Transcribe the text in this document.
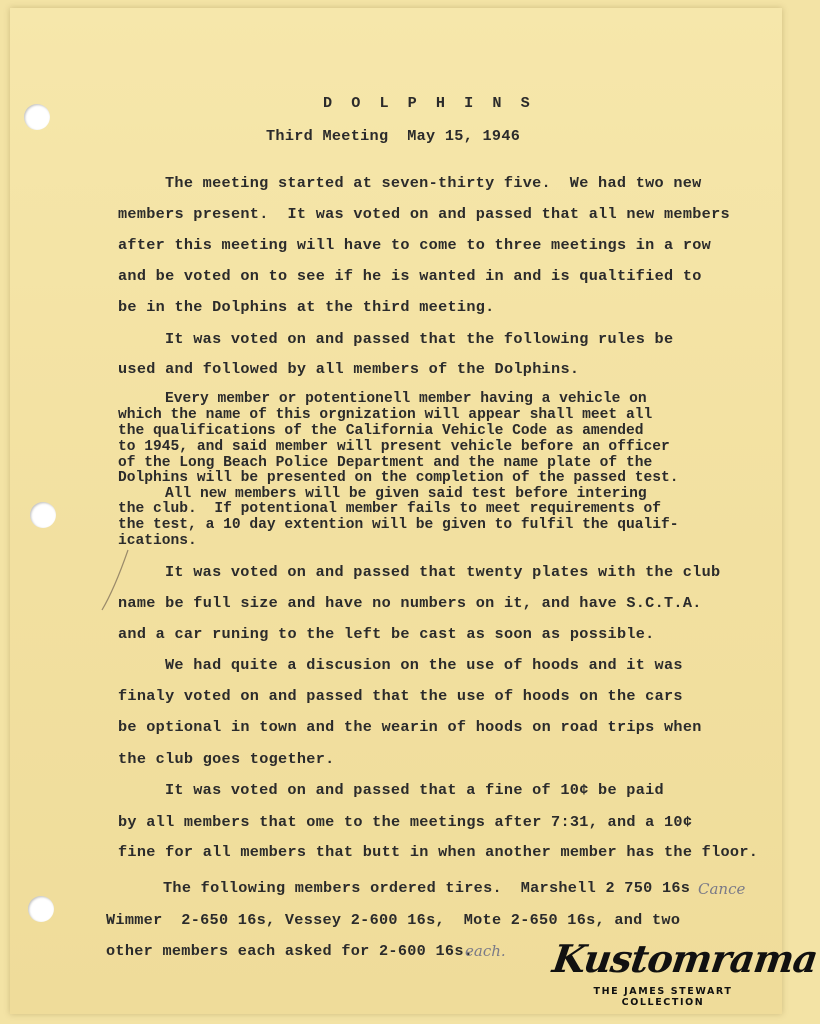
D O L P H I N S
Third Meeting  May 15, 1946
The meeting started at seven-thirty five.  We had two new
members present.  It was voted on and passed that all new members
after this meeting will have to come to three meetings in a row
and be voted on to see if he is wanted in and is qualtified to
be in the Dolphins at the third meeting.
It was voted on and passed that the following rules be
used and followed by all members of the Dolphins.
Every member or potentionell member having a vehicle on
which the name of this orgnization will appear shall meet all
the qualifications of the California Vehicle Code as amended
to 1945, and said member will present vehicle before an officer
of the Long Beach Police Department and the name plate of the
Dolphins will be presented on the completion of the passed test.
All new members will be given said test before intering
the club.  If potentional member fails to meet requirements of
the test, a 10 day extention will be given to fulfil the qualif-
ications.
It was voted on and passed that twenty plates with the club
name be full size and have no numbers on it, and have S.C.T.A.
and a car runing to the left be cast as soon as possible.
We had quite a discusion on the use of hoods and it was
finaly voted on and passed that the use of hoods on the cars
be optional in town and the wearin of hoods on road trips when
the club goes together.
It was voted on and passed that a fine of 10¢ be paid
by all members that ome to the meetings after 7:31, and a 10¢
fine for all members that butt in when another member has the floor.
The following members ordered tires.  Marshell 2 750 16s
Wimmer  2-650 16s, Vessey 2-600 16s,  Mote 2-650 16s, and two
other members each asked for 2-600 16s.
Cance
each. Kustomrama
THE JAMES STEWART COLLECTION
